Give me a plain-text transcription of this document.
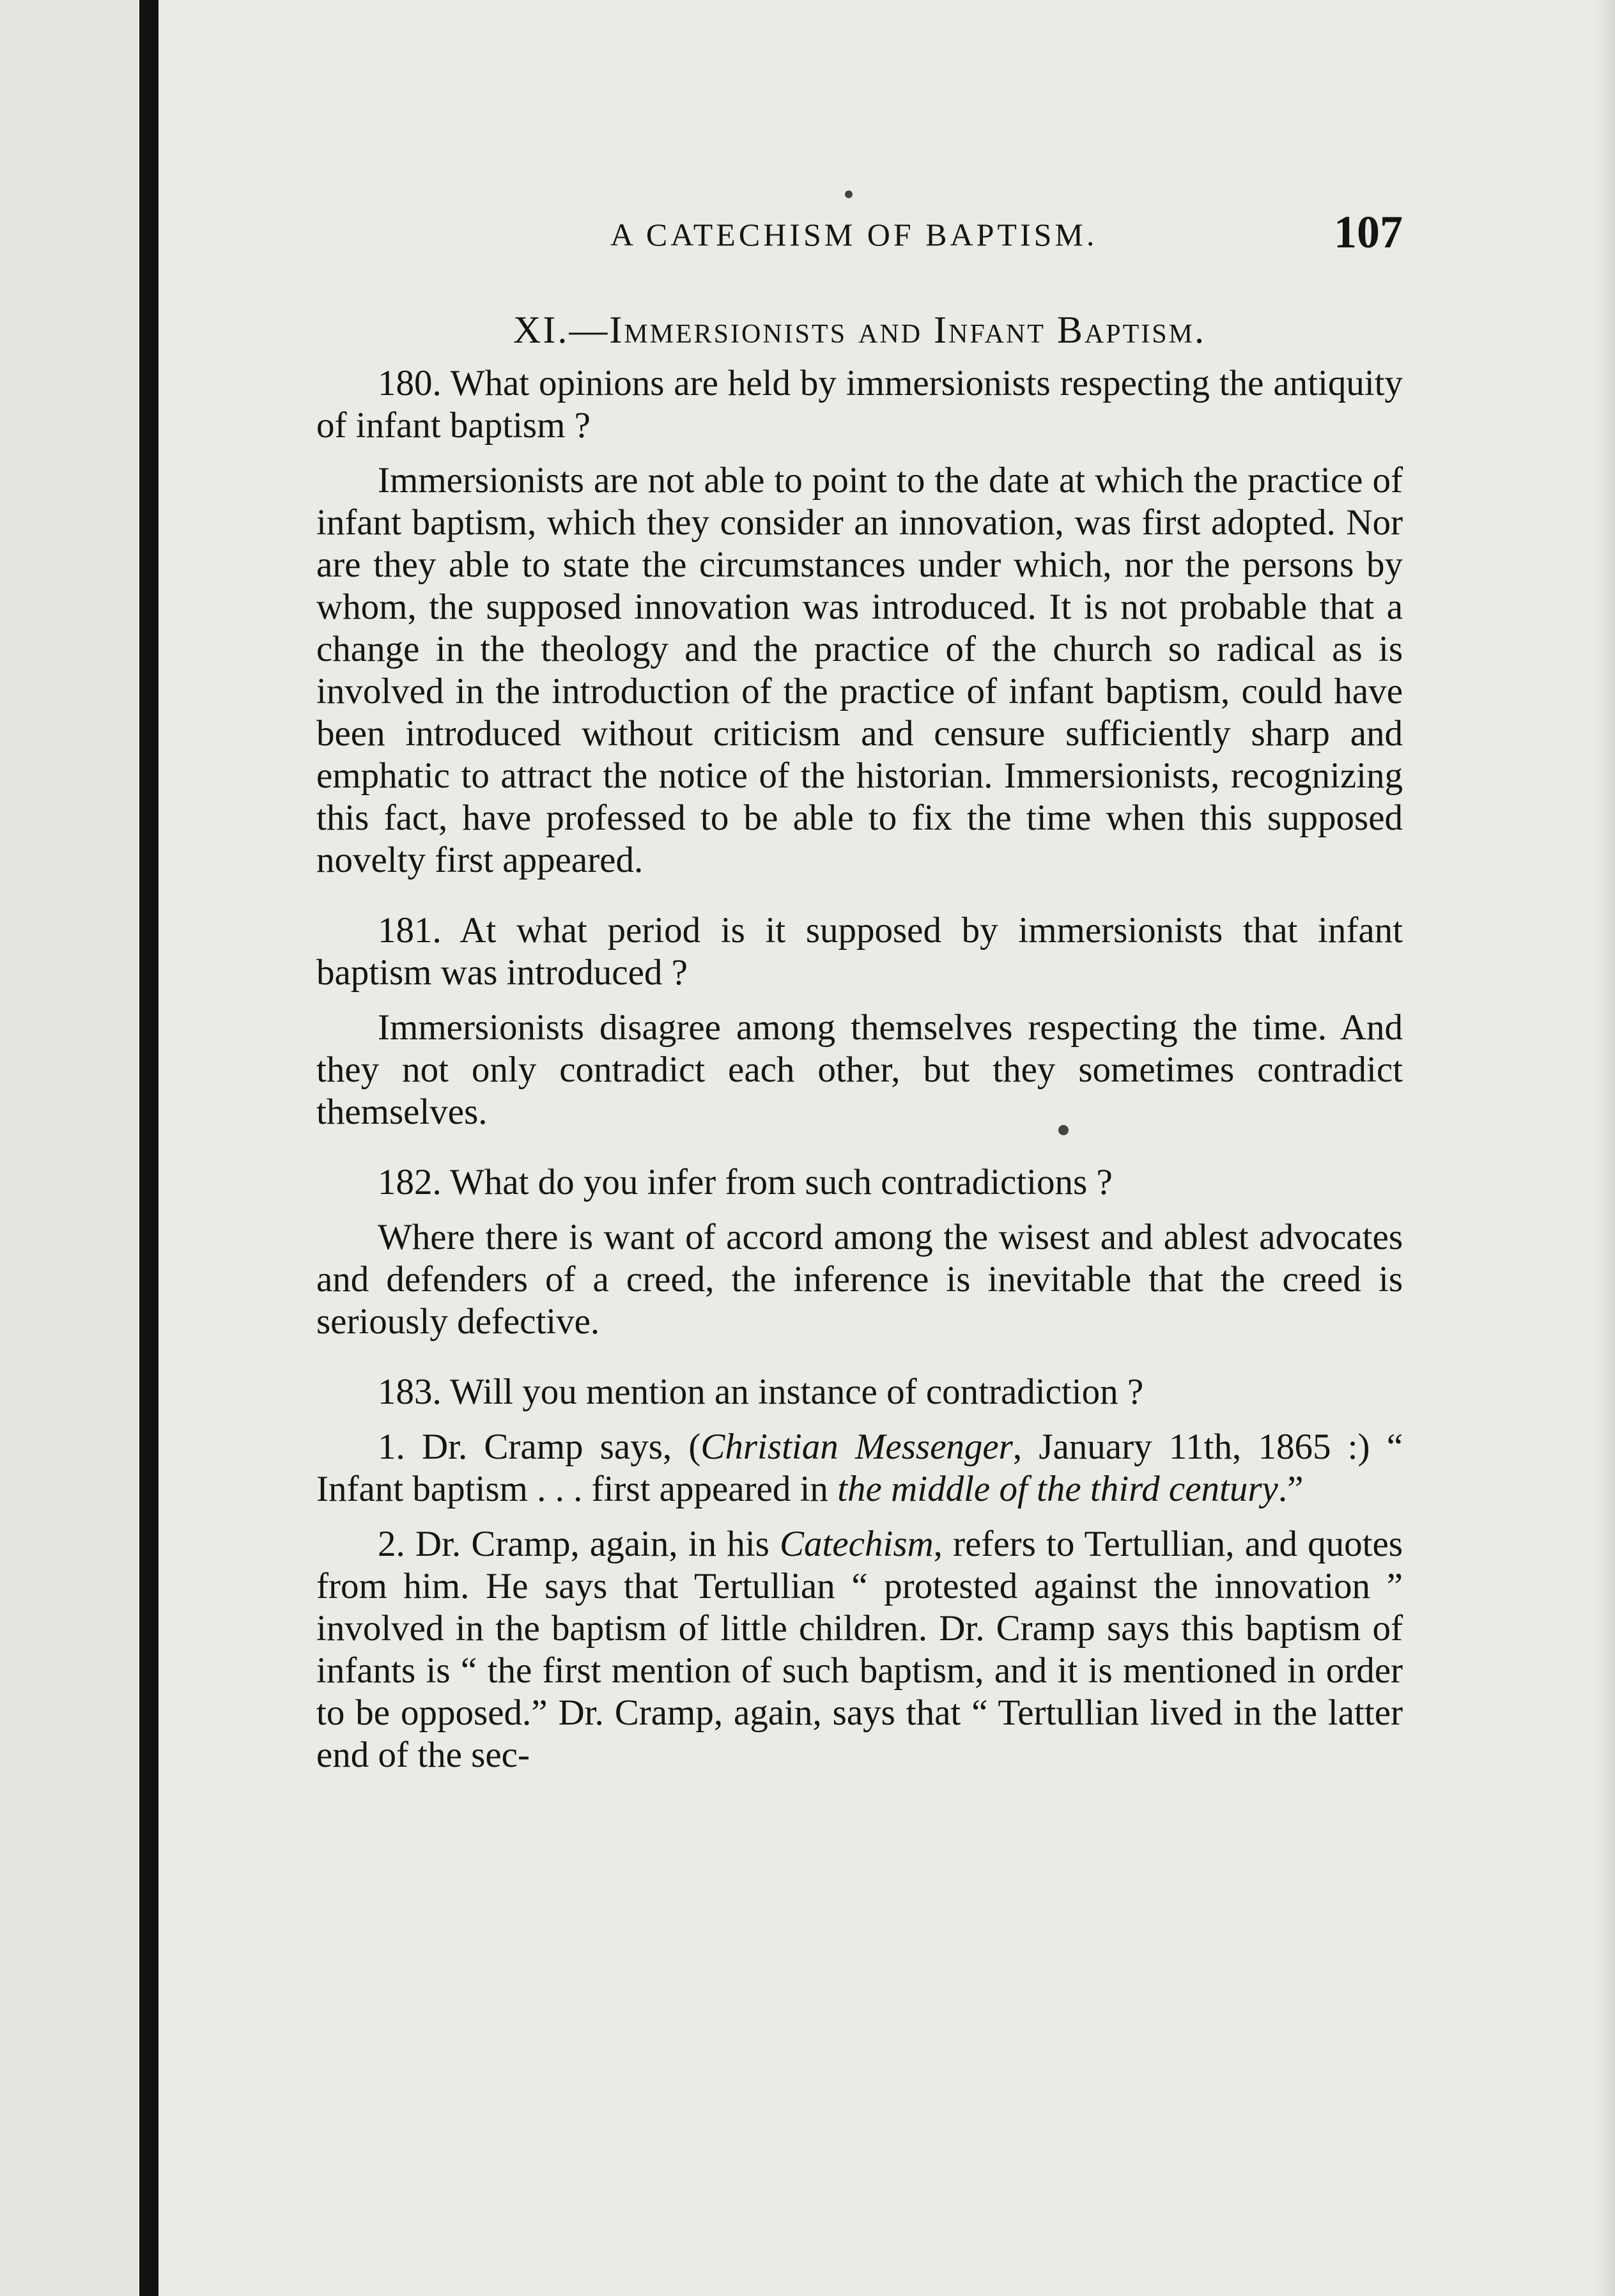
A CATECHISM OF BAPTISM.	107
XI.—Immersionists and Infant Baptism.

180. What opinions are held by immersionists respecting the antiquity of infant baptism ?

Immersionists are not able to point to the date at which the practice of infant baptism, which they consider an innovation, was first adopted. Nor are they able to state the circumstances under which, nor the persons by whom, the supposed innovation was introduced. It is not probable that a change in the theology and the practice of the church so radical as is involved in the introduction of the practice of infant baptism, could have been introduced without criticism and censure sufficiently sharp and emphatic to attract the notice of the historian. Immersionists, recognizing this fact, have professed to be able to fix the time when this supposed novelty first appeared.

181. At what period is it supposed by immersionists that infant baptism was introduced ?

Immersionists disagree among themselves respecting the time. And they not only contradict each other, but they sometimes contradict themselves.

182. What do you infer from such contradictions ?

Where there is want of accord among the wisest and ablest advocates and defenders of a creed, the inference is inevitable that the creed is seriously defective.

183. Will you mention an instance of contradiction ?

1. Dr. Cramp says, (Christian Messenger, January 11th, 1865 :) “ Infant baptism . . . first appeared in the middle of the third century.”

2. Dr. Cramp, again, in his Catechism, refers to Tertullian, and quotes from him. He says that Tertullian “ protested against the innovation ” involved in the baptism of little children. Dr. Cramp says this baptism of infants is “ the first mention of such baptism, and it is mentioned in order to be opposed.” Dr. Cramp, again, says that “ Tertullian lived in the latter end of the sec-
